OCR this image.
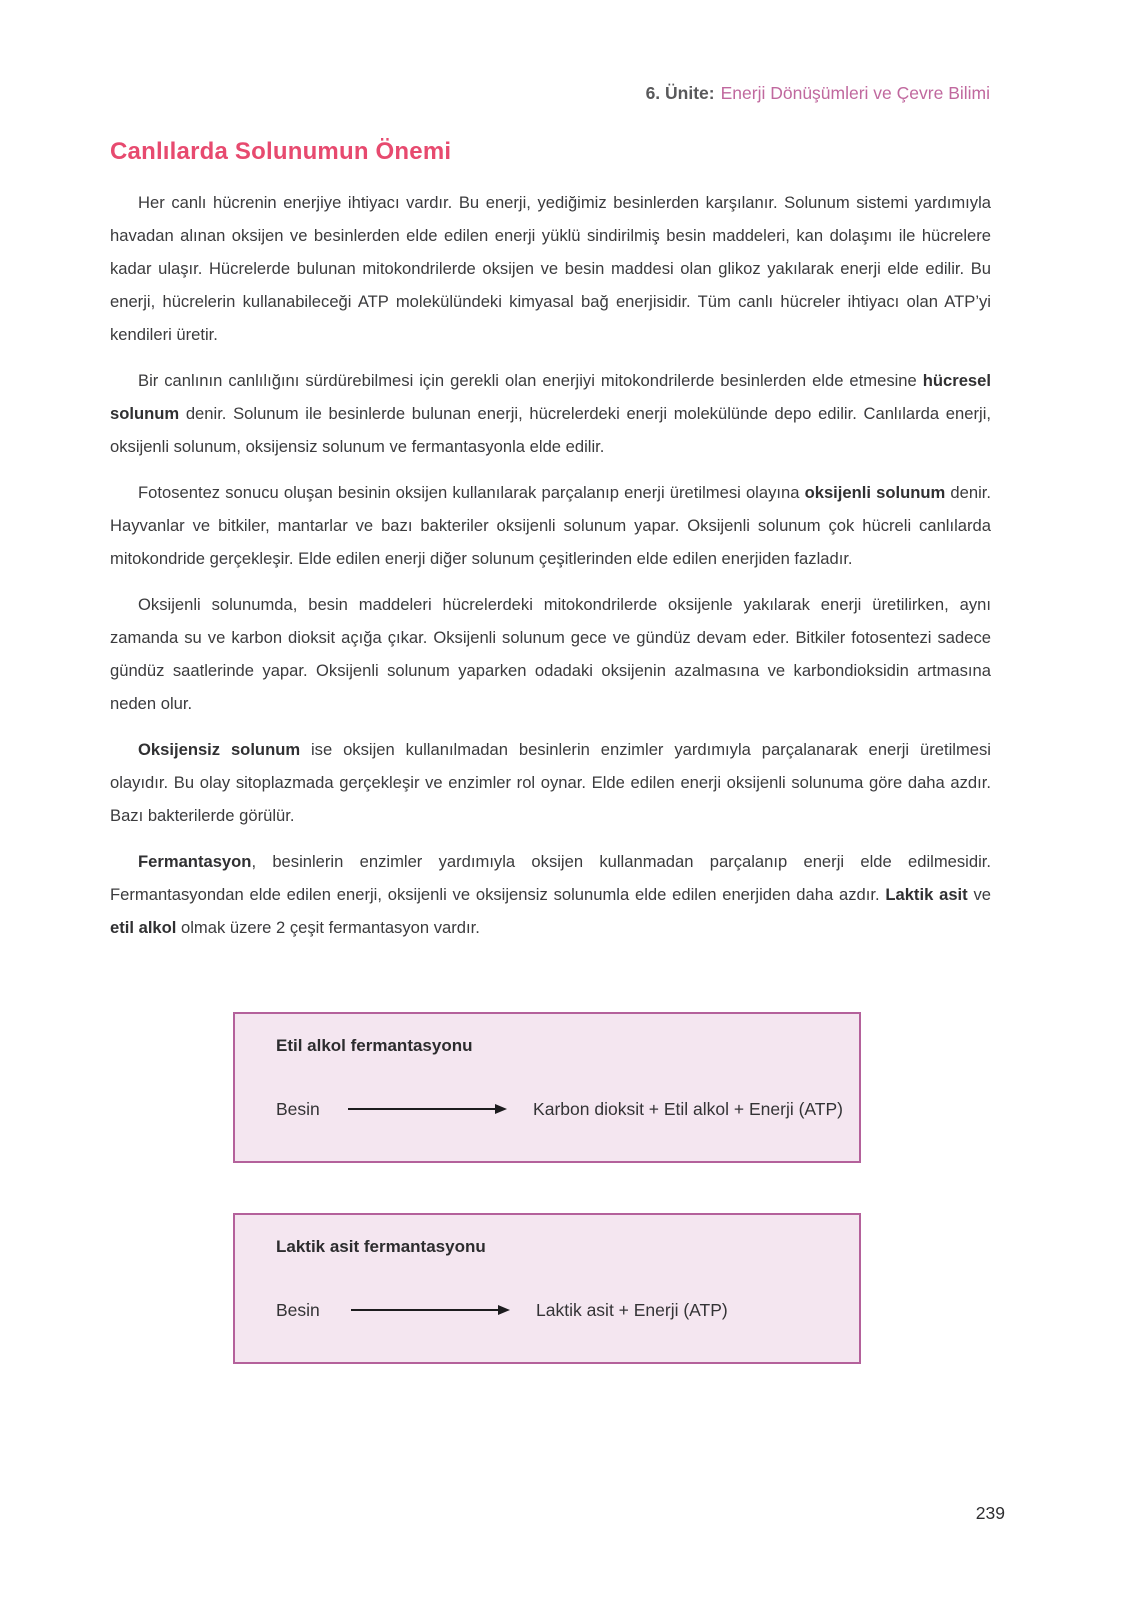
6. Ünite: Enerji Dönüşümleri ve Çevre Bilimi
Canlılarda Solunumun Önemi

Her canlı hücrenin enerjiye ihtiyacı vardır. Bu enerji, yediğimiz besinlerden karşılanır. Solunum sistemi yardımıyla havadan alınan oksijen ve besinlerden elde edilen enerji yüklü sindirilmiş besin maddeleri, kan dolaşımı ile hücrelere kadar ulaşır. Hücrelerde bulunan mitokondrilerde oksijen ve besin maddesi olan glikoz yakılarak enerji elde edilir. Bu enerji, hücrelerin kullanabileceği ATP molekülündeki kimyasal bağ enerjisidir. Tüm canlı hücreler ihtiyacı olan ATP’yi kendileri üretir.

Bir canlının canlılığını sürdürebilmesi için gerekli olan enerjiyi mitokondrilerde besinlerden elde etmesine hücresel solunum denir. Solunum ile besinlerde bulunan enerji, hücrelerdeki enerji molekülünde depo edilir. Canlılarda enerji, oksijenli solunum, oksijensiz solunum ve fermantasyonla elde edilir.

Fotosentez sonucu oluşan besinin oksijen kullanılarak parçalanıp enerji üretilmesi olayına oksijenli solunum denir. Hayvanlar ve bitkiler, mantarlar ve bazı bakteriler oksijenli solunum yapar. Oksijenli solunum çok hücreli canlılarda mitokondride gerçekleşir. Elde edilen enerji diğer solunum çeşitlerinden elde edilen enerjiden fazladır.

Oksijenli solunumda, besin maddeleri hücrelerdeki mitokondrilerde oksijenle yakılarak enerji üretilirken, aynı zamanda su ve karbon dioksit açığa çıkar. Oksijenli solunum gece ve gündüz devam eder. Bitkiler fotosentezi sadece gündüz saatlerinde yapar. Oksijenli solunum yaparken odadaki oksijenin azalmasına ve karbondioksidin artmasına neden olur.

Oksijensiz solunum ise oksijen kullanılmadan besinlerin enzimler yardımıyla parçalanarak enerji üretilmesi olayıdır. Bu olay sitoplazmada gerçekleşir ve enzimler rol oynar. Elde edilen enerji oksijenli solunuma göre daha azdır. Bazı bakterilerde görülür.

Fermantasyon, besinlerin enzimler yardımıyla oksijen kullanmadan parçalanıp enerji elde edilmesidir. Fermantasyondan elde edilen enerji, oksijenli ve oksijensiz solunumla elde edilen enerjiden daha azdır. Laktik asit ve etil alkol olmak üzere 2 çeşit fermantasyon vardır.

Etil alkol fermantasyonu
Besin	Karbon dioksit + Etil alkol + Enerji (ATP)
Laktik asit fermantasyonu
Besin	Laktik asit + Enerji (ATP)
239
